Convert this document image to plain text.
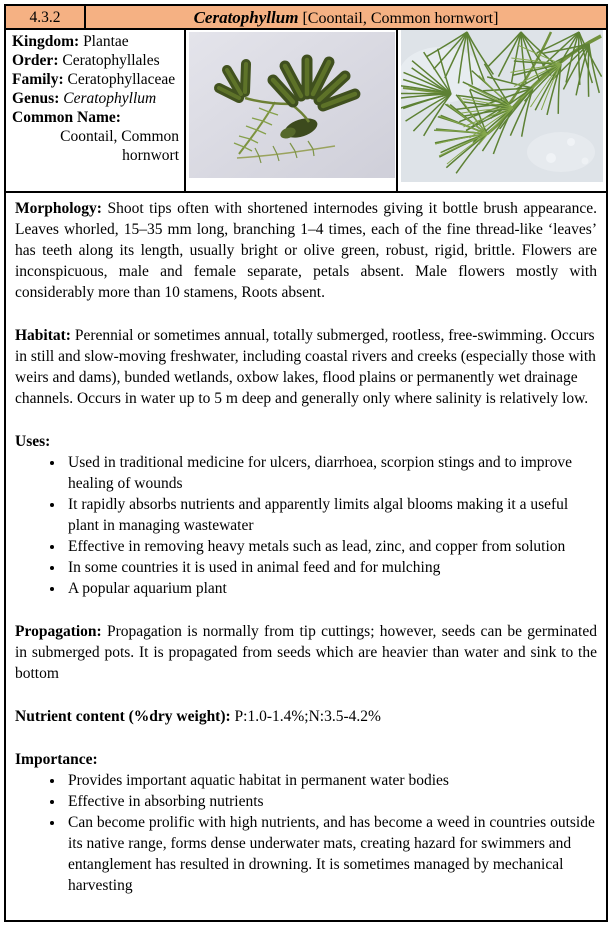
4.3.2	Ceratophyllum [Coontail, Common hornwort]
Kingdom: Plantae
Order: Ceratophyllales
Family: Ceratophyllaceae
Genus: Ceratophyllum
Common Name:
Coontail, Common hornwort

Morphology: Shoot tips often with shortened internodes giving it bottle brush appearance. Leaves whorled, 15–35 mm long, branching 1–4 times, each of the fine thread-like ‘leaves’ has teeth along its length, usually bright or olive green, robust, rigid, brittle. Flowers are inconspicuous, male and female separate, petals absent. Male flowers mostly with considerably more than 10 stamens, Roots absent.

Habitat: Perennial or sometimes annual, totally submerged, rootless, free-swimming. Occurs in still and slow-moving freshwater, including coastal rivers and creeks (especially those with weirs and dams), bunded wetlands, oxbow lakes, flood plains or permanently wet drainage channels. Occurs in water up to 5 m deep and generally only where salinity is relatively low.

Uses:
• Used in traditional medicine for ulcers, diarrhoea, scorpion stings and to improve healing of wounds
• It rapidly absorbs nutrients and apparently limits algal blooms making it a useful plant in managing wastewater
• Effective in removing heavy metals such as lead, zinc, and copper from solution
• In some countries it is used in animal feed and for mulching
• A popular aquarium plant

Propagation: Propagation is normally from tip cuttings; however, seeds can be germinated in submerged pots. It is propagated from seeds which are heavier than water and sink to the bottom

Nutrient content (%dry weight): P:1.0-1.4%;N:3.5-4.2%

Importance:
• Provides important aquatic habitat in permanent water bodies
• Effective in absorbing nutrients
• Can become prolific with high nutrients, and has become a weed in countries outside its native range, forms dense underwater mats, creating hazard for swimmers and entanglement has resulted in drowning. It is sometimes managed by mechanical harvesting
